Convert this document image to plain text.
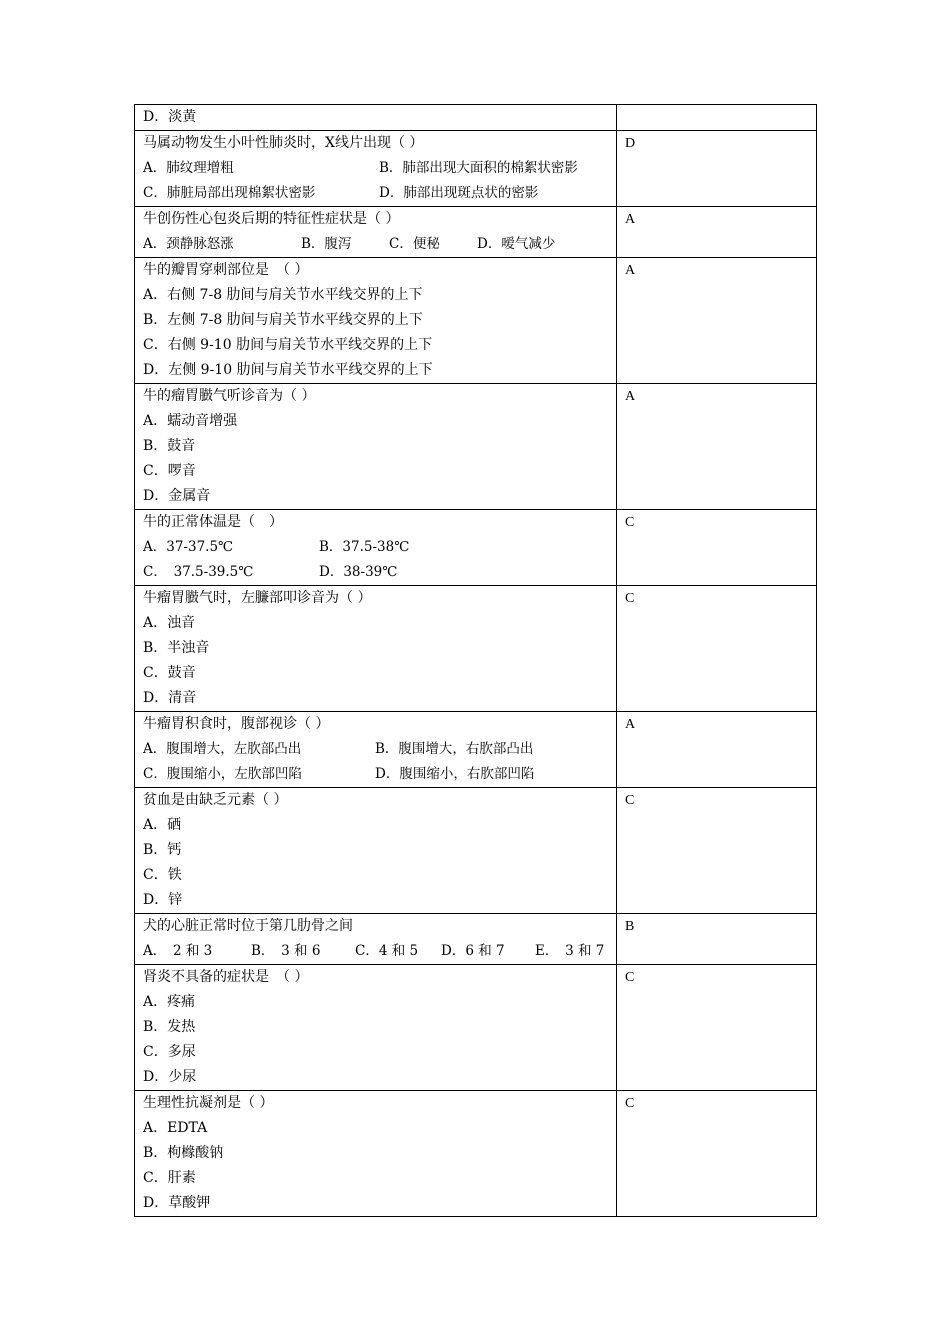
D．淡黄	

马属动物发生小叶性肺炎时，X线片出现（ ）
A．肺纹理增粗 B．肺部出现大面积的棉絮状密影
C．肺脏局部出现棉絮状密影 D．肺部出现斑点状的密影	D

牛创伤性心包炎后期的特征性症状是（ ）
A．颈静脉怒涨 B．腹泻 C．便秘 D．嗳气减少	A

牛的瓣胃穿刺部位是　（ ）
A．右侧 7-8 肋间与肩关节水平线交界的上下
B．左侧 7-8 肋间与肩关节水平线交界的上下
C．右侧 9-10 肋间与肩关节水平线交界的上下
D．左侧 9-10 肋间与肩关节水平线交界的上下	A

牛的瘤胃臌气听诊音为（ ）
A．蠕动音增强
B．鼓音
C．啰音
D．金属音	A

牛的正常体温是（　）
A．37-37.5℃ B．37.5-38℃
C．　37.5-39.5℃ D．38-39℃	C

牛瘤胃臌气时，左臁部叩诊音为（ ）
A．浊音
B．半浊音
C．鼓音
D．清音	C

牛瘤胃积食时，腹部视诊（ ）
A．腹围增大，左肷部凸出 B．腹围增大，右肷部凸出
C．腹围缩小，左肷部凹陷 D．腹围缩小，右肷部凹陷	A

贫血是由缺乏元素（ ）
A．硒
B．钙
C．铁
D．锌	C

犬的心脏正常时位于第几肋骨之间
A．　2 和 3 B．　3 和 6 C．4 和 5 D．6 和 7 E．　3 和 7	B

肾炎不具备的症状是　（ ）
A．疼痛
B．发热
C．多尿
D．少尿	C

生理性抗凝剂是（ ）
A．EDTA
B．枸橼酸钠
C．肝素
D．草酸钾	C
